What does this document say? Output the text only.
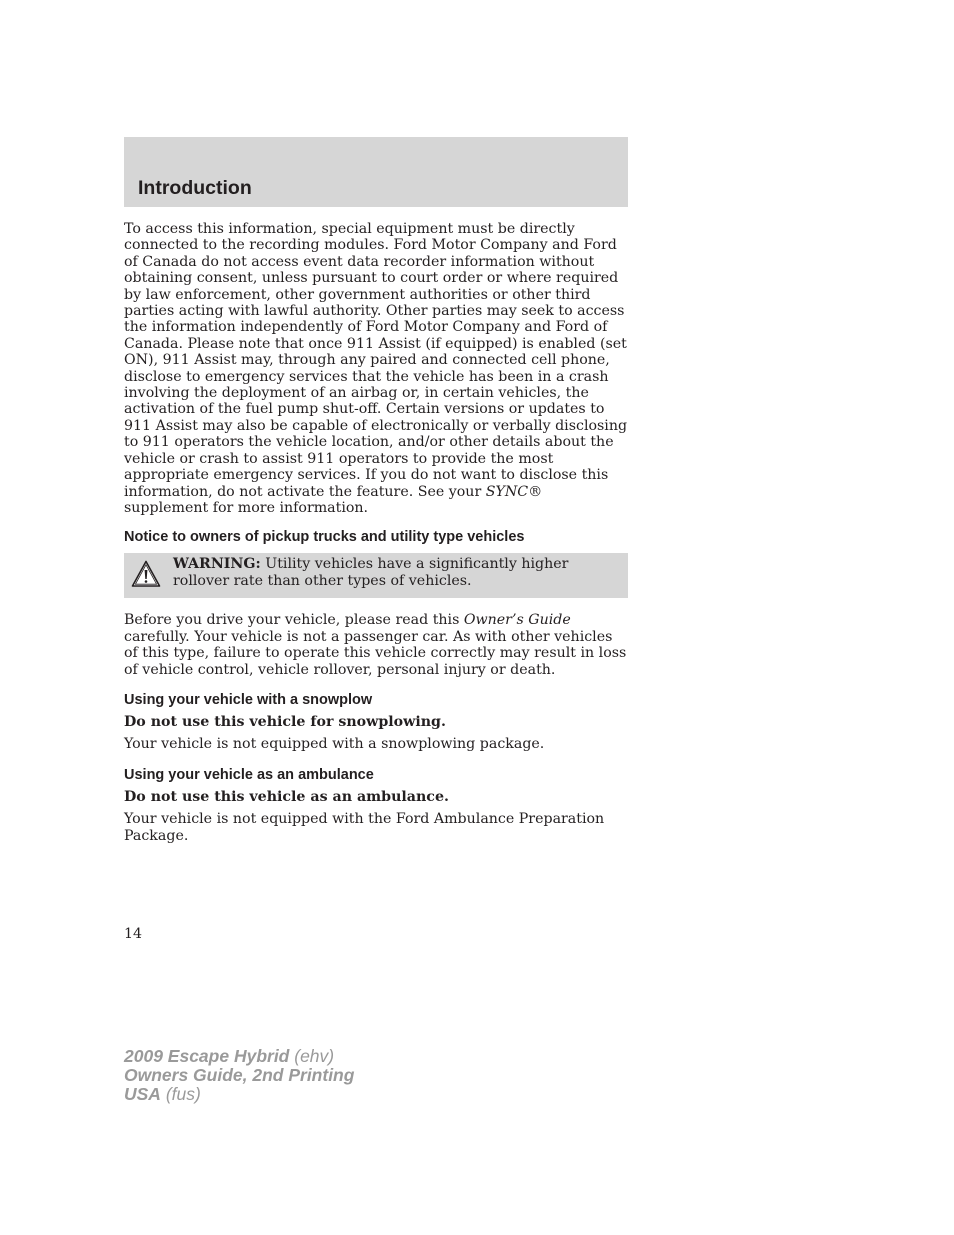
Introduction

To access this information, special equipment must be directly connected to the recording modules. Ford Motor Company and Ford of Canada do not access event data recorder information without obtaining consent, unless pursuant to court order or where required by law enforcement, other government authorities or other third parties acting with lawful authority. Other parties may seek to access the information independently of Ford Motor Company and Ford of Canada. Please note that once 911 Assist (if equipped) is enabled (set ON), 911 Assist may, through any paired and connected cell phone, disclose to emergency services that the vehicle has been in a crash involving the deployment of an airbag or, in certain vehicles, the activation of the fuel pump shut-off. Certain versions or updates to 911 Assist may also be capable of electronically or verbally disclosing to 911 operators the vehicle location, and/or other details about the vehicle or crash to assist 911 operators to provide the most appropriate emergency services. If you do not want to disclose this information, do not activate the feature. See your SYNC® supplement for more information.

Notice to owners of pickup trucks and utility type vehicles

WARNING: Utility vehicles have a significantly higher rollover rate than other types of vehicles.

Before you drive your vehicle, please read this Owner’s Guide carefully. Your vehicle is not a passenger car. As with other vehicles of this type, failure to operate this vehicle correctly may result in loss of vehicle control, vehicle rollover, personal injury or death.

Using your vehicle with a snowplow

Do not use this vehicle for snowplowing.

Your vehicle is not equipped with a snowplowing package.

Using your vehicle as an ambulance

Do not use this vehicle as an ambulance.

Your vehicle is not equipped with the Ford Ambulance Preparation Package.

14

2009 Escape Hybrid (ehv)
Owners Guide, 2nd Printing
USA (fus)
